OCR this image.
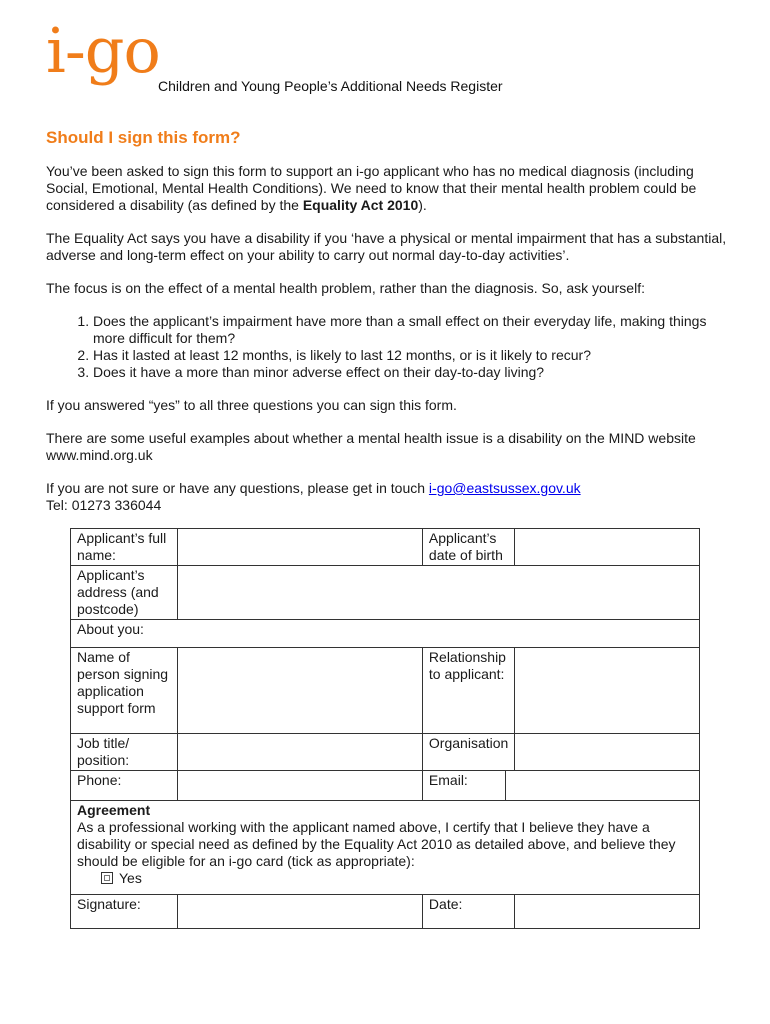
i-go
Children and Young People’s Additional Needs Register
Should I sign this form?

You’ve been asked to sign this form to support an i-go applicant who has no medical diagnosis (including Social, Emotional, Mental Health Conditions). We need to know that their mental health problem could be considered a disability (as defined by the Equality Act 2010).

The Equality Act says you have a disability if you ‘have a physical or mental impairment that has a substantial, adverse and long-term effect on your ability to carry out normal day-to-day activities’.

The focus is on the effect of a mental health problem, rather than the diagnosis. So, ask yourself:

1. Does the applicant’s impairment have more than a small effect on their everyday life, making things more difficult for them?
2. Has it lasted at least 12 months, is likely to last 12 months, or is it likely to recur?
3. Does it have a more than minor adverse effect on their day-to-day living?

If you answered “yes” to all three questions you can sign this form.

There are some useful examples about whether a mental health issue is a disability on the MIND website www.mind.org.uk

If you are not sure or have any questions, please get in touch i-go@eastsussex.gov.uk
Tel: 01273 336044

Applicant’s full name:		Applicant’s date of birth		
Applicant’s address (and postcode)				
About you:				
Name of person signing application support form		Relationship to applicant:		
Job title/ position:		Organisation		
Phone:		Email:		

Agreement
As a professional working with the applicant named above, I certify that I believe they have a disability or special need as defined by the Equality Act 2010 as detailed above, and believe they should be eligible for an i-go card (tick as appropriate):
Yes				

Signature:		Date:		
